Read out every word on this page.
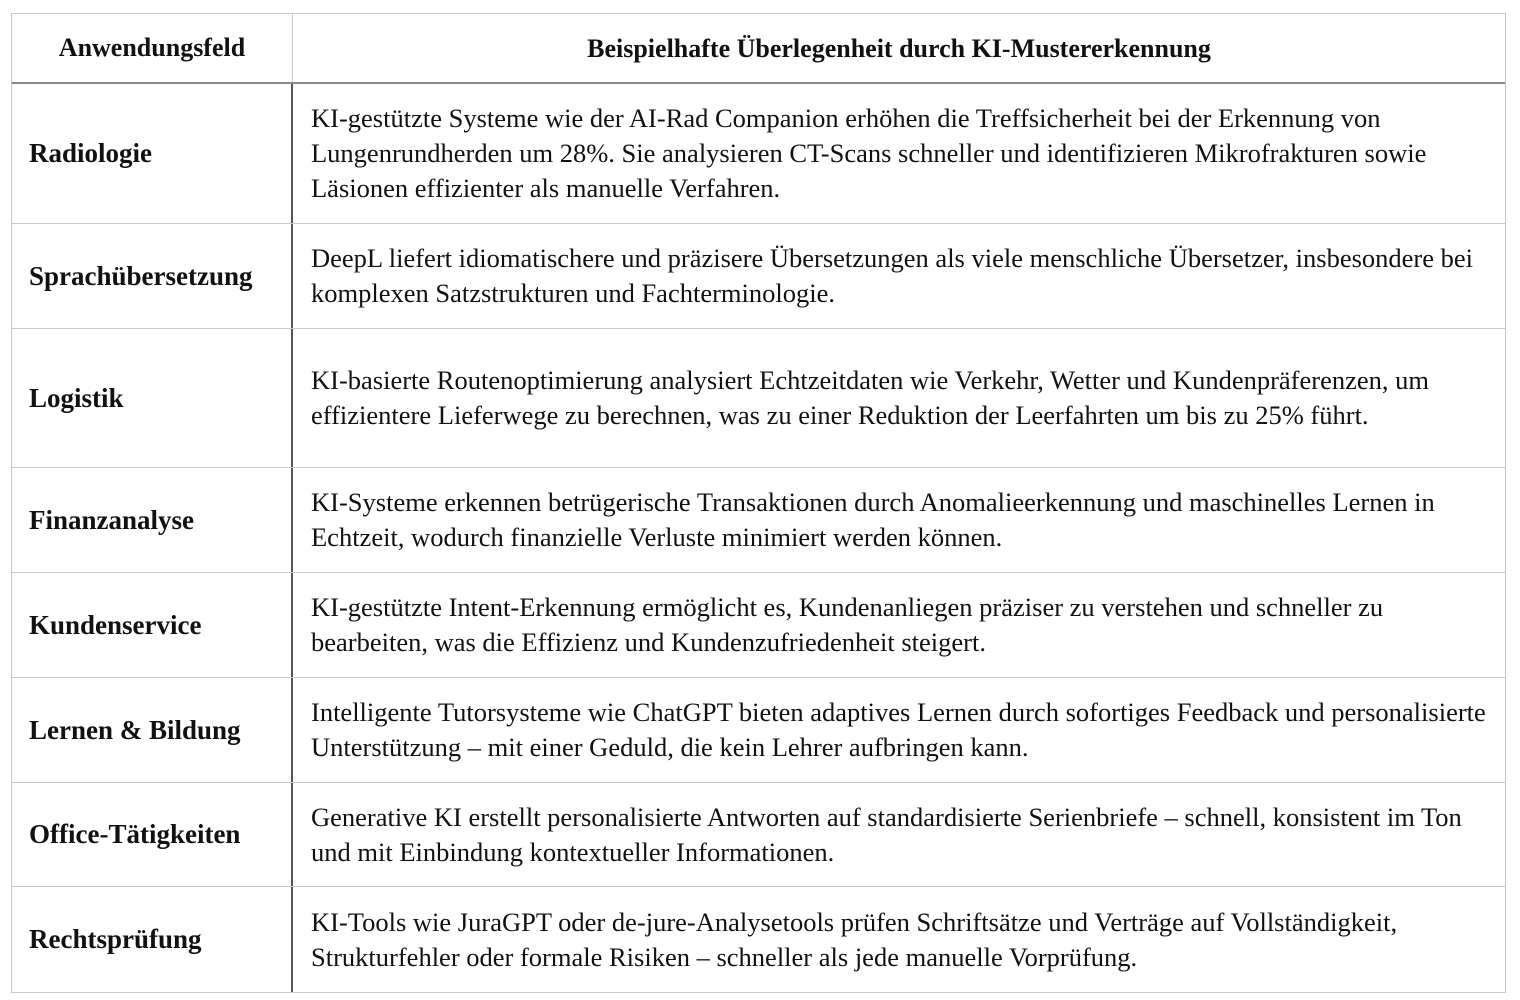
Anwendungsfeld	Beispielhafte Überlegenheit durch KI-Mustererkennung
Radiologie
KI-gestützte Systeme wie der AI-Rad Companion erhöhen die Treffsicherheit bei der Erkennung von Lungenrundherden um 28%. Sie analysieren CT-Scans schneller und identifizieren Mikrofrakturen sowie Läsionen effizienter als manuelle Verfahren.
Sprachübersetzung
DeepL liefert idiomatischere und präzisere Übersetzungen als viele menschliche Übersetzer, insbesondere bei komplexen Satzstrukturen und Fachterminologie.
Logistik
KI-basierte Routenoptimierung analysiert Echtzeitdaten wie Verkehr, Wetter und Kundenpräferenzen, um effizientere Lieferwege zu berechnen, was zu einer Reduktion der Leerfahrten um bis zu 25% führt.
Finanzanalyse
KI-Systeme erkennen betrügerische Transaktionen durch Anomalieerkennung und maschinelles Lernen in Echtzeit, wodurch finanzielle Verluste minimiert werden können.
Kundenservice
KI-gestützte Intent-Erkennung ermöglicht es, Kundenanliegen präziser zu verstehen und schneller zu bearbeiten, was die Effizienz und Kundenzufriedenheit steigert.
Lernen & Bildung
Intelligente Tutorsysteme wie ChatGPT bieten adaptives Lernen durch sofortiges Feedback und personalisierte Unterstützung – mit einer Geduld, die kein Lehrer aufbringen kann.
Office-Tätigkeiten
Generative KI erstellt personalisierte Antworten auf standardisierte Serienbriefe – schnell, konsistent im Ton und mit Einbindung kontextueller Informationen.
Rechtsprüfung
KI-Tools wie JuraGPT oder de-jure-Analysetools prüfen Schriftsätze und Verträge auf Vollständigkeit, Strukturfehler oder formale Risiken – schneller als jede manuelle Vorprüfung.
